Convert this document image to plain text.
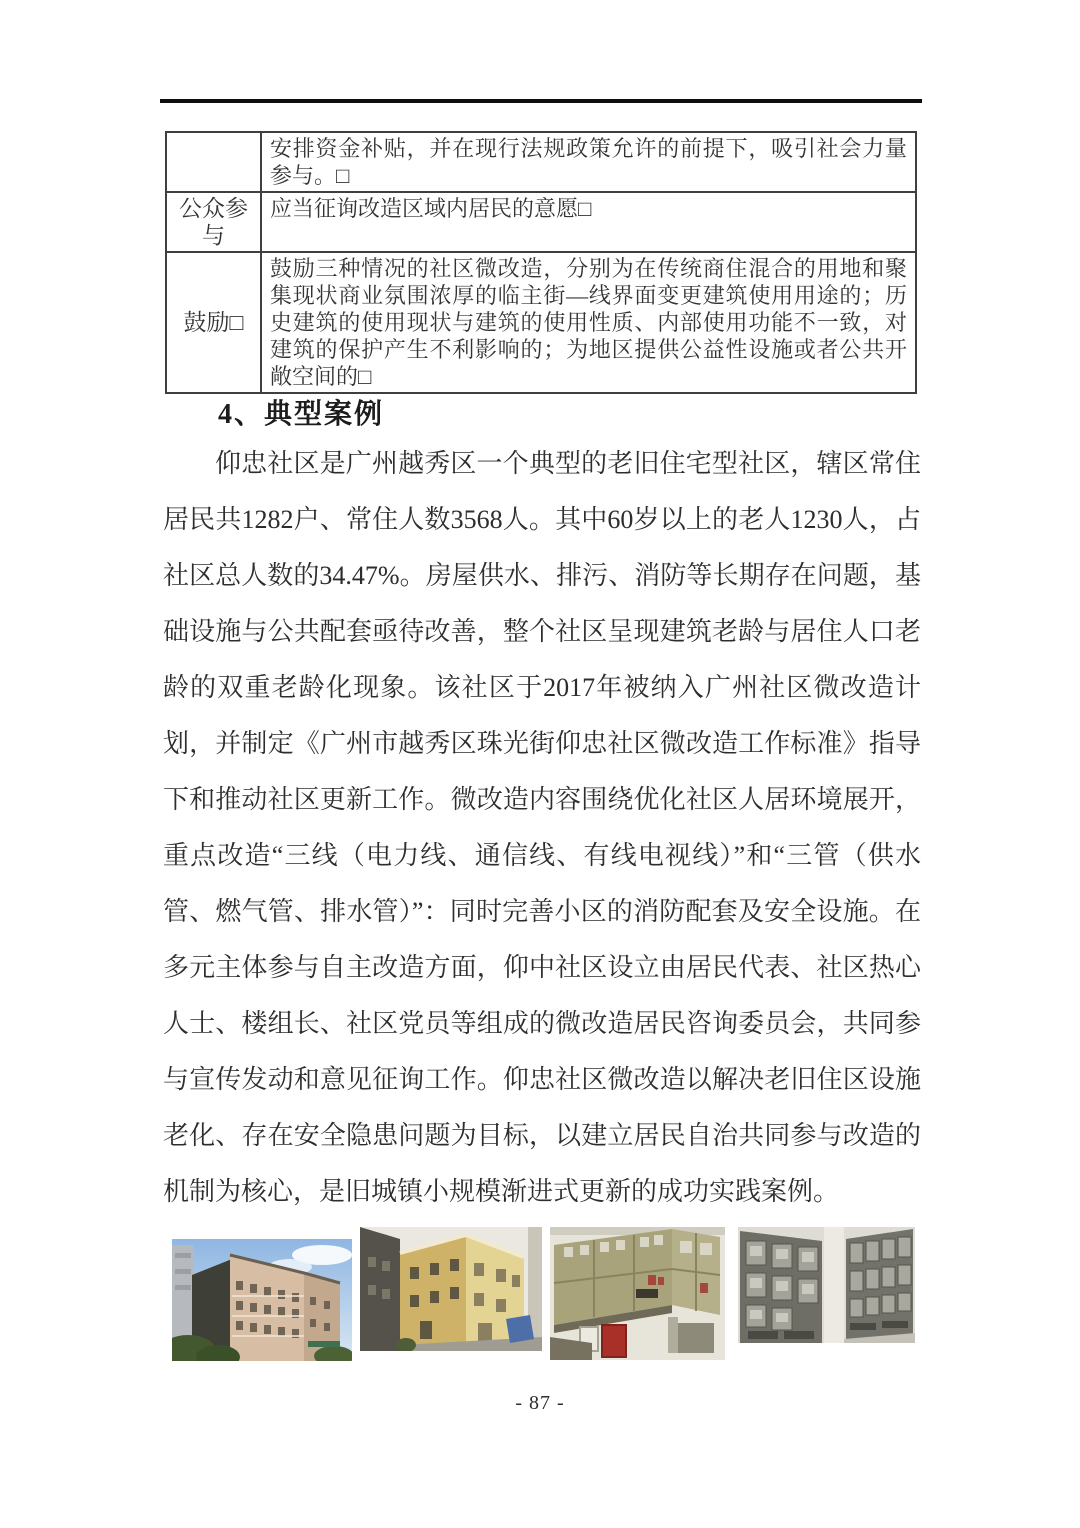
	安排资金补贴，并在现行法规政策允许的前提下，吸引社会力量参与。□
公众参与	应当征询改造区域内居民的意愿□
鼓励□	鼓励三种情况的社区微改造，分别为在传统商住混合的用地和聚集现状商业氛围浓厚的临主街—线界面变更建筑使用用途的；历史建筑的使用现状与建筑的使用性质、内部使用功能不一致，对建筑的保护产生不利影响的；为地区提供公益性设施或者公共开敞空间的□
4、典型案例

仰忠社区是广州越秀区一个典型的老旧住宅型社区，辖区常住居民共1282户、常住人数3568人。其中60岁以上的老人1230人，占社区总人数的34.47%。房屋供水、排污、消防等长期存在问题，基础设施与公共配套亟待改善，整个社区呈现建筑老龄与居住人口老龄的双重老龄化现象。该社区于2017年被纳入广州社区微改造计划，并制定《广州市越秀区珠光街仰忠社区微改造工作标准》指导下和推动社区更新工作。微改造内容围绕优化社区人居环境展开，重点改造“三线（电力线、通信线、有线电视线）”和“三管（供水管、燃气管、排水管）”：同时完善小区的消防配套及安全设施。在多元主体参与自主改造方面，仰中社区设立由居民代表、社区热心人士、楼组长、社区党员等组成的微改造居民咨询委员会，共同参与宣传发动和意见征询工作。仰忠社区微改造以解决老旧住区设施老化、存在安全隐患问题为目标，以建立居民自治共同参与改造的机制为核心，是旧城镇小规模渐进式更新的成功实践案例。

- 87 -
